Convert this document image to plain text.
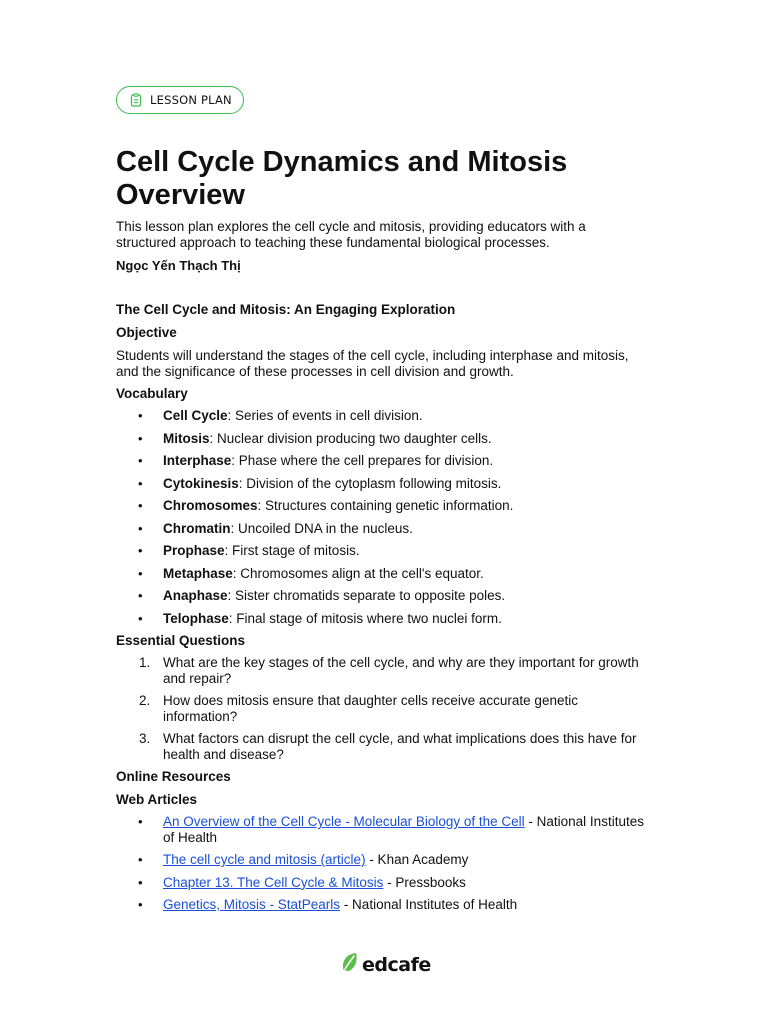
LESSON PLAN
Cell Cycle Dynamics and Mitosis Overview

This lesson plan explores the cell cycle and mitosis, providing educators with a structured approach to teaching these fundamental biological processes.

Ngọc Yến Thạch Thị

The Cell Cycle and Mitosis: An Engaging Exploration
Objective

Students will understand the stages of the cell cycle, including interphase and mitosis, and the significance of these processes in cell division and growth.

Vocabulary
• Cell Cycle: Series of events in cell division.
• Mitosis: Nuclear division producing two daughter cells.
• Interphase: Phase where the cell prepares for division.
• Cytokinesis: Division of the cytoplasm following mitosis.
• Chromosomes: Structures containing genetic information.
• Chromatin: Uncoiled DNA in the nucleus.
• Prophase: First stage of mitosis.
• Metaphase: Chromosomes align at the cell's equator.
• Anaphase: Sister chromatids separate to opposite poles.
• Telophase: Final stage of mitosis where two nuclei form.
Essential Questions
1. What are the key stages of the cell cycle, and why are they important for growth and repair?
2. How does mitosis ensure that daughter cells receive accurate genetic information?
3. What factors can disrupt the cell cycle, and what implications does this have for health and disease?
Online Resources
Web Articles
• An Overview of the Cell Cycle - Molecular Biology of the Cell - National Institutes of Health
• The cell cycle and mitosis (article) - Khan Academy
• Chapter 13. The Cell Cycle & Mitosis - Pressbooks
• Genetics, Mitosis - StatPearls - National Institutes of Health
edcafe
